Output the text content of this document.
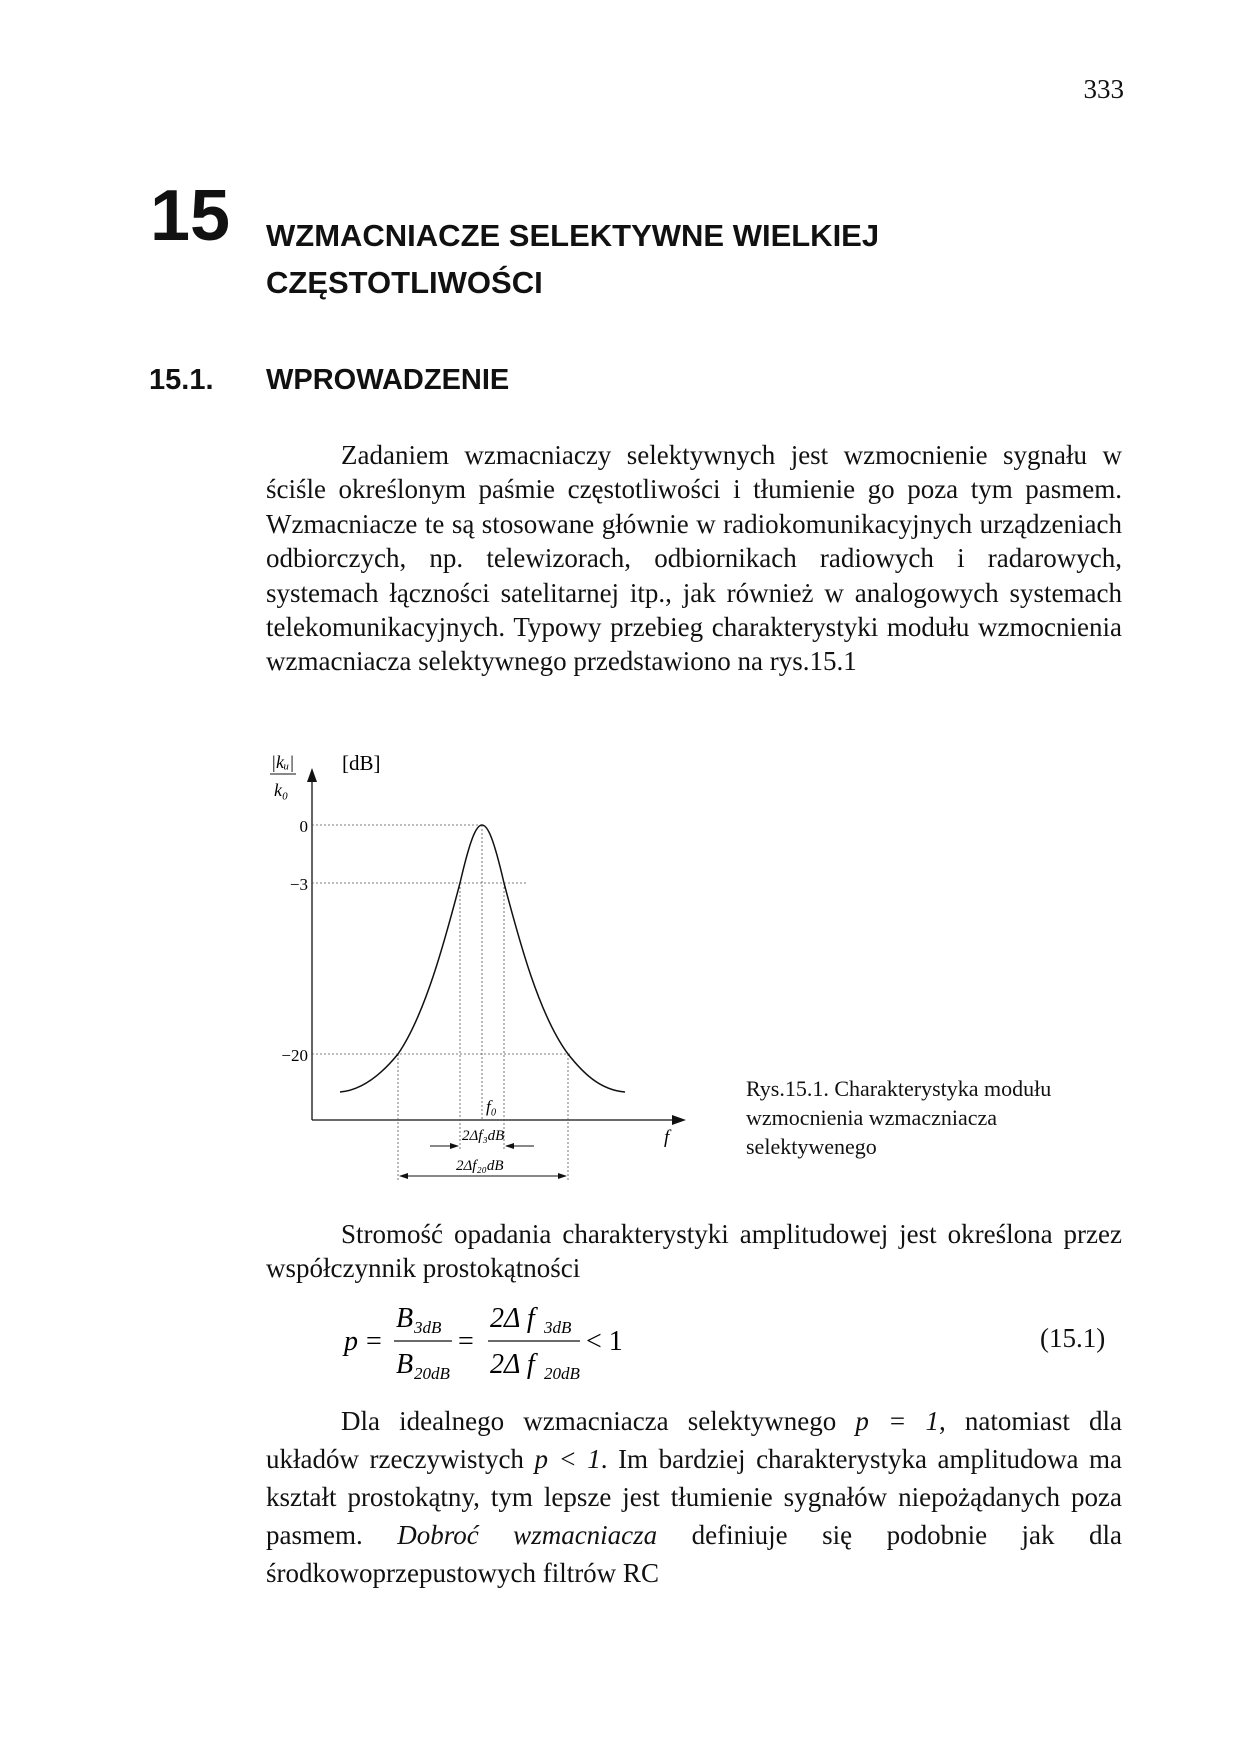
333
15 WZMACNIACZE SELEKTYWNE WIELKIEJ
CZĘSTOTLIWOŚCI
15.1. WPROWADZENIE

Zadaniem wzmacniaczy selektywnych jest wzmocnienie sygnału w ściśle określonym paśmie częstotliwości i tłumienie go poza tym pasmem. Wzmacniacze te są stosowane głównie w radiokomunikacyjnych urządzeniach odbiorczych, np. telewizorach, odbiornikach radiowych i radarowych, systemach łączności satelitarnej itp., jak również w analogowych systemach telekomunikacyjnych. Typowy przebieg charakterystyki modułu wzmocnienia wzmacniacza selektywnego przedstawiono na rys.15.1

|kᵤ|
k₀
[dB]
0
−3
−20
f₀
f
2Δf₃dB
2Δf₂₀dB
Rys.15.1. Charakterystyka modułu wzmocnienia wzmaczniacza selektywenego

Stromość opadania charakterystyki amplitudowej jest określona przez współczynnik prostokątności

p =
B 3dB
B 20dB
=
2Δ f 3dB
2Δ f 20dB
< 1	(15.1)

Dla idealnego wzmacniacza selektywnego p = 1, natomiast dla układów rzeczywistych p < 1. Im bardziej charakterystyka amplitudowa ma kształt prostokątny, tym lepsze jest tłumienie sygnałów niepożądanych poza pasmem. Dobroć wzmacniacza definiuje się podobnie jak dla środkowoprzepustowych filtrów RC
